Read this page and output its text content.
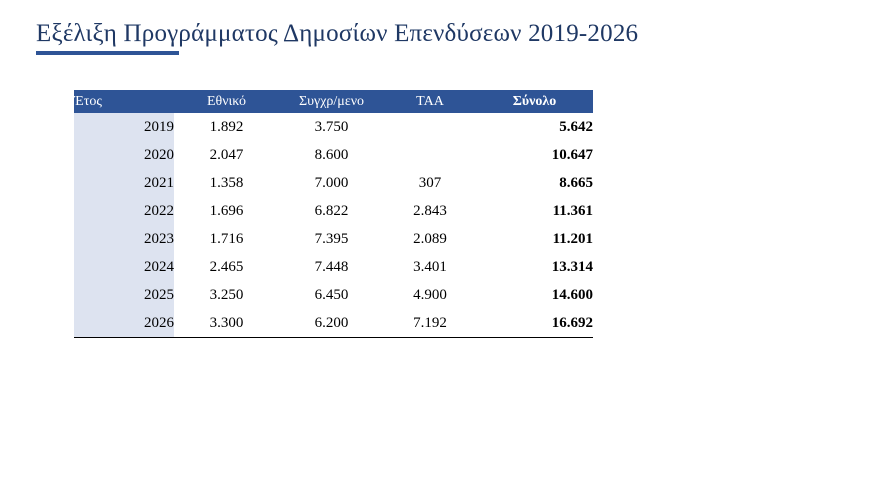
Εξέλιξη Προγράμματος Δημοσίων Επενδύσεων 2019-2026
Έτος	Εθνικό	Συγχρ/μενο	ΤΑΑ	Σύνολο
2019	1.892	3.750		5.642
2020	2.047	8.600		10.647
2021	1.358	7.000	307	8.665
2022	1.696	6.822	2.843	11.361
2023	1.716	7.395	2.089	11.201
2024	2.465	7.448	3.401	13.314
2025	3.250	6.450	4.900	14.600
2026	3.300	6.200	7.192	16.692
